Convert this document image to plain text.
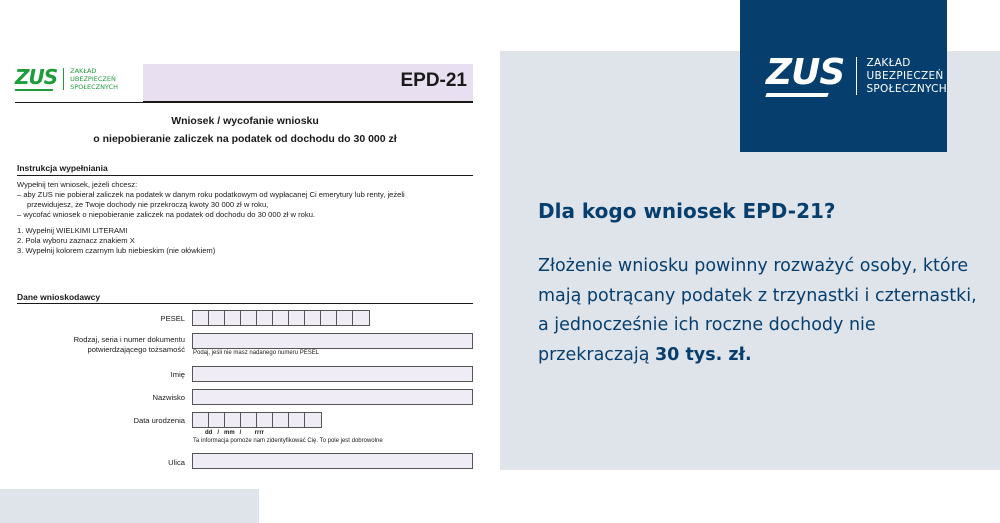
ZUS ZAKŁAD
UBEZPIECZEŃ
SPOŁECZNYCH
Dla kogo wniosek EPD-21?
Złożenie wniosku powinny rozważyć osoby, które mają potrącany podatek z trzynastki i czternastki, a jednocześnie ich roczne dochody nie przekraczają 30 tys. zł.
ZUS ZAKŁAD
UBEZPIECZEŃ
SPOŁECZNYCH	EPD-21
Wniosek / wycofanie wniosku
o niepobieranie zaliczek na podatek od dochodu do 30 000 zł
Instrukcja wypełniania
Wypełnij ten wniosek, jeżeli chcesz:
– aby ZUS nie pobierał zaliczek na podatek w danym roku podatkowym od wypłacanej Ci emerytury lub renty, jeżeli
przewidujesz, że Twoje dochody nie przekroczą kwoty 30 000 zł w roku,
– wycofać wniosek o niepobieranie zaliczek na podatek od dochodu do 30 000 zł w roku.
1. Wypełnij WIELKIMI LITERAMI
2. Pola wyboru zaznacz znakiem X
3. Wypełnij kolorem czarnym lub niebieskim (nie ołówkiem)
Dane wnioskodawcy
PESEL
Rodzaj, seria i numer dokumentu
potwierdzającego tożsamość Podaj, jeśli nie masz nadanego numeru PESEL
Imię
Nazwisko
Data urodzenia
dd   /   mm   /        rrrr
Ta informacja pomoże nam zidentyfikować Cię. To pole jest dobrowolne
Ulica
